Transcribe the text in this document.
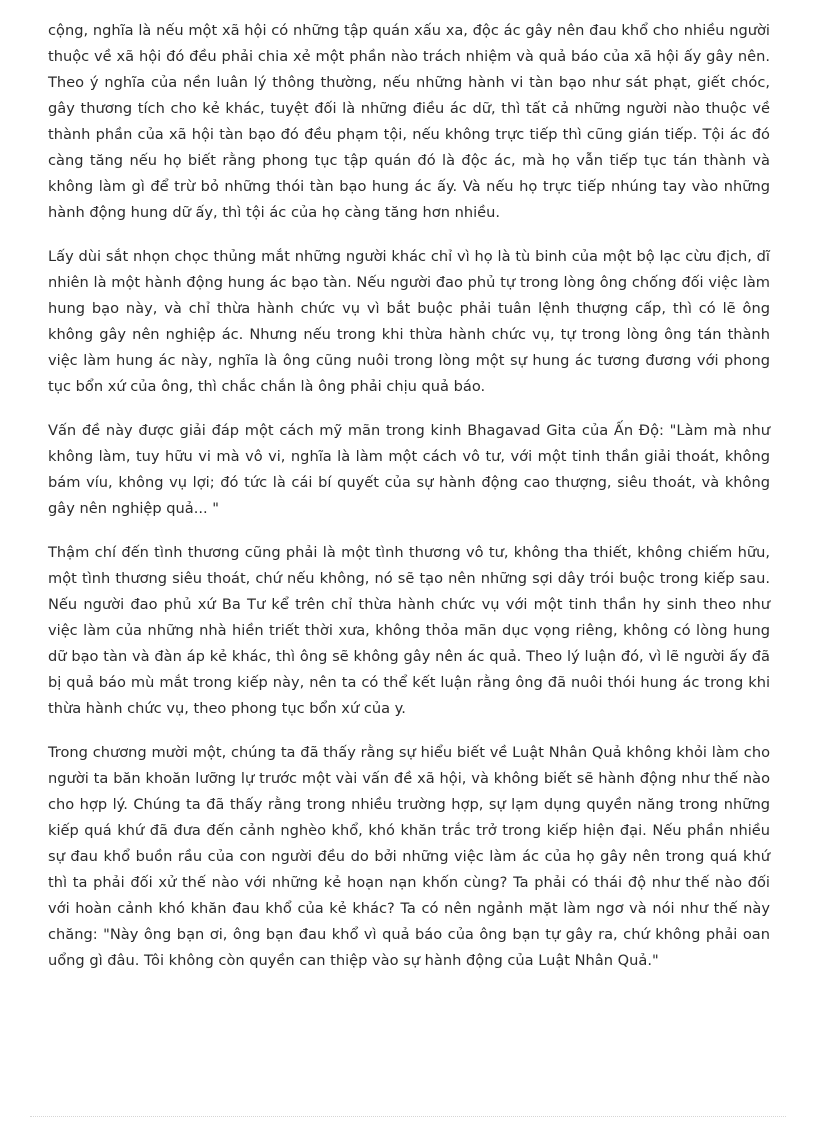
cộng, nghĩa là nếu một xã hội có những tập quán xấu xa, độc ác gây nên đau khổ cho nhiều người thuộc về xã hội đó đều phải chia xẻ một phần nào trách nhiệm và quả báo của xã hội ấy gây nên. Theo ý nghĩa của nền luân lý thông thường, nếu những hành vi tàn bạo như sát phạt, giết chóc, gây thương tích cho kẻ khác, tuyệt đối là những điều ác dữ, thì tất cả những người nào thuộc về thành phần của xã hội tàn bạo đó đều phạm tội, nếu không trực tiếp thì cũng gián tiếp. Tội ác đó càng tăng nếu họ biết rằng phong tục tập quán đó là độc ác, mà họ vẫn tiếp tục tán thành và không làm gì để trừ bỏ những thói tàn bạo hung ác ấy. Và nếu họ trực tiếp nhúng tay vào những hành động hung dữ ấy, thì tội ác của họ càng tăng hơn nhiều.

Lấy dùi sắt nhọn chọc thủng mắt những người khác chỉ vì họ là tù binh của một bộ lạc cừu địch, dĩ nhiên là một hành động hung ác bạo tàn. Nếu người đao phủ tự trong lòng ông chống đối việc làm hung bạo này, và chỉ thừa hành chức vụ vì bắt buộc phải tuân lệnh thượng cấp, thì có lẽ ông không gây nên nghiệp ác. Nhưng nếu trong khi thừa hành chức vụ, tự trong lòng ông tán thành việc làm hung ác này, nghĩa là ông cũng nuôi trong lòng một sự hung ác tương đương với phong tục bổn xứ của ông, thì chắc chắn là ông phải chịu quả báo.

Vấn đề này được giải đáp một cách mỹ mãn trong kinh Bhagavad Gita của Ấn Độ: "Làm mà như không làm, tuy hữu vi mà vô vi, nghĩa là làm một cách vô tư, với một tinh thần giải thoát, không bám víu, không vụ lợi; đó tức là cái bí quyết của sự hành động cao thượng, siêu thoát, và không gây nên nghiệp quả... "

Thậm chí đến tình thương cũng phải là một tình thương vô tư, không tha thiết, không chiếm hữu, một tình thương siêu thoát, chứ nếu không, nó sẽ tạo nên những sợi dây trói buộc trong kiếp sau. Nếu người đao phủ xứ Ba Tư kể trên chỉ thừa hành chức vụ với một tinh thần hy sinh theo như việc làm của những nhà hiền triết thời xưa, không thỏa mãn dục vọng riêng, không có lòng hung dữ bạo tàn và đàn áp kẻ khác, thì ông sẽ không gây nên ác quả. Theo lý luận đó, vì lẽ người ấy đã bị quả báo mù mắt trong kiếp này, nên ta có thể kết luận rằng ông đã nuôi thói hung ác trong khi thừa hành chức vụ, theo phong tục bổn xứ của y.

Trong chương mười một, chúng ta đã thấy rằng sự hiểu biết về Luật Nhân Quả không khỏi làm cho người ta băn khoăn lưỡng lự trước một vài vấn đề xã hội, và không biết sẽ hành động như thế nào cho hợp lý. Chúng ta đã thấy rằng trong nhiều trường hợp, sự lạm dụng quyền năng trong những kiếp quá khứ đã đưa đến cảnh nghèo khổ, khó khăn trắc trở trong kiếp hiện đại. Nếu phần nhiều sự đau khổ buồn rầu của con người đều do bởi những việc làm ác của họ gây nên trong quá khứ thì ta phải đối xử thế nào với những kẻ hoạn nạn khốn cùng? Ta phải có thái độ như thế nào đối với hoàn cảnh khó khăn đau khổ của kẻ khác? Ta có nên ngảnh mặt làm ngơ và nói như thế này chăng: "Này ông bạn ơi, ông bạn đau khổ vì quả báo của ông bạn tự gây ra, chứ không phải oan uổng gì đâu. Tôi không còn quyền can thiệp vào sự hành động của Luật Nhân Quả."
